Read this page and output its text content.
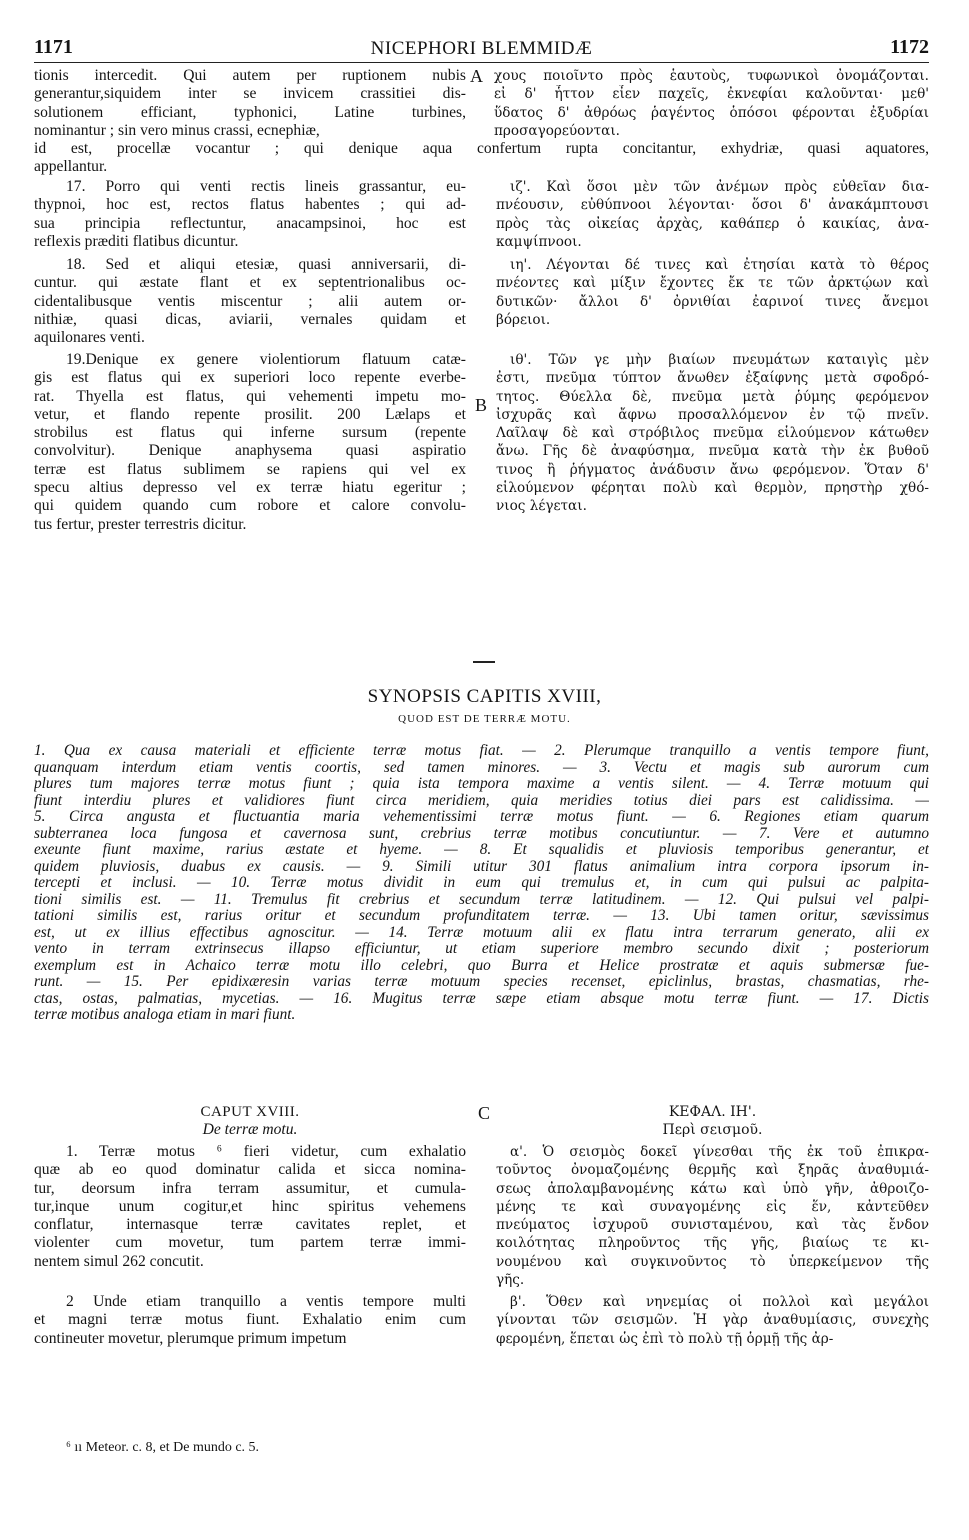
1171	NICEPHORI BLEMMIDÆ	1172
A
B
C
tionis intercedit. Qui autem per ruptionem nubis
generantur,siquidem inter se invicem crassitiei dis-
solutionem efficiant, typhonici, Latine turbines,
nominantur ; sin vero minus crassi, ecnephiæ,
χους ποιοῖντο πρὸς ἑαυτοὺς, τυφωνικοὶ ὀνομάζονται.
εἰ δ' ἧττον εἶεν παχεῖς, ἐκνεφίαι καλοῦνται· μεθ'
ὕδατος δ' ἀθρόως ῥαγέντος ὁπόσοι φέρονται ἐξυδρίαι
προσαγορεύονται.
id est, procellæ vocantur ; qui denique aqua confertum rupta concitantur, exhydriæ, quasi aquatores,
appellantur.
17. Porro qui venti rectis lineis grassantur, eu-
thypnoi, hoc est, rectos flatus habentes ; qui ad-
sua principia reflectuntur, anacampsinoi, hoc est
reflexis præditi flatibus dicuntur.
ιζ'. Καὶ ὅσοι μὲν τῶν ἀνέμων πρὸς εὐθεῖαν δια-
πνέουσιν, εὐθύπνοοι λέγονται· ὅσοι δ' ἀνακάμπτουσι
πρὸς τὰς οἰκείας ἀρχὰς, καθάπερ ὁ καικίας, ἀνα-
καμψίπνοοι.
18. Sed et aliqui etesiæ, quasi anniversarii, di-
cuntur. qui æstate flant et ex septentrionalibus oc-
cidentalibusque ventis miscentur ; alii autem or-
nithiæ, quasi dicas, aviarii, vernales quidam et
aquilonares venti.
ιη'. Λέγονται δέ τινες καὶ ἐτησίαι κατὰ τὸ θέρος
πνέοντες καὶ μίξιν ἔχοντες ἔκ τε τῶν ἀρκτῴων καὶ
δυτικῶν· ἄλλοι δ' ὀρνιθίαι ἐαρινοί τινες ἄνεμοι
βόρειοι.
19.Denique ex genere violentiorum flatuum catæ-
gis est flatus qui ex superiori loco repente everbe-
rat. Thyella est flatus, qui vehementi impetu mo-
vetur, et flando repente prosilit. 200 Lælaps et
strobilus est flatus qui inferne sursum (repente
convolvitur). Denique anaphysema quasi aspiratio
terræ est flatus sublimem se rapiens qui vel ex
specu altius depresso vel ex terræ hiatu egeritur ;
qui quidem quando cum robore et calore convolu-
tus fertur, prester terrestris dicitur.
ιθ'. Τῶν γε μὴν βιαίων πνευμάτων καταιγὶς μὲν
ἐστι, πνεῦμα τύπτον ἄνωθεν ἐξαίφνης μετὰ σφοδρό-
τητος. Θύελλα δὲ, πνεῦμα μετὰ ῥύμης φερόμενον
ἰσχυρᾶς καὶ ἄφνω προσαλλόμενον ἐν τῷ πνεῖν.
Λαῖλαψ δὲ καὶ στρόβιλος πνεῦμα εἱλούμενον κάτωθεν
ἄνω. Γῆς δὲ ἀναφύσημα, πνεῦμα κατὰ τὴν ἐκ βυθοῦ
τινος ἢ ῥήγματος ἀνάδυσιν ἄνω φερόμενον. Ὅταν δ'
εἱλούμενον φέρηται πολὺ καὶ θερμὸν, πρηστὴρ χθό-
νιος λέγεται.
SYNOPSIS CAPITIS XVIII,
QUOD EST DE TERRÆ MOTU.
1. Qua ex causa materiali et efficiente terræ motus fiat. — 2. Plerumque tranquillo a ventis tempore fiunt,
quanquam interdum etiam ventis coortis, sed tamen minores. — 3. Vectu et magis sub aurorum cum
plures tum majores terræ motus fiunt ; quia ista tempora maxime a ventis silent. — 4. Terræ motuum qui
fiunt interdiu plures et validiores fiunt circa meridiem, quia meridies totius diei pars est calidissima. —
5. Circa angusta et fluctuantia maria vehementissimi terræ motus fiunt. — 6. Regiones etiam quarum
subterranea loca fungosa et cavernosa sunt, crebrius terræ motibus concutiuntur. — 7. Vere et autumno
exeunte fiunt maxime, rarius æstate et hyeme. — 8. Et squalidis et pluviosis temporibus generantur, et
quidem pluviosis, duabus ex causis. — 9. Simili utitur 301 flatus animalium intra corpora ipsorum in-
tercepti et inclusi. — 10. Terræ motus dividit in eum qui tremulus et, in cum qui pulsui ac palpita-
tioni similis est. — 11. Tremulus fit crebrius et secundum terræ latitudinem. — 12. Qui pulsui vel palpi-
tationi similis est, rarius oritur et secundum profunditatem terræ. — 13. Ubi tamen oritur, sævissimus
est, ut ex illius effectibus agnoscitur. — 14. Terræ motuum alii ex flatu intra terrarum generato, alii ex
vento in terram extrinsecus illapso efficiuntur, ut etiam superiore membro secundo dixit ; posteriorum
exemplum est in Achaico terræ motu illo celebri, quo Burra et Helice prostratæ et aquis submersæ fue-
runt. — 15. Per epidixæresin varias terræ motuum species recenset, epiclinlus, brastas, chasmatias, rhe-
ctas, ostas, palmatias, mycetias. — 16. Mugitus terræ sæpe etiam absque motu terræ fiunt. — 17. Dictis
terræ motibus analoga etiam in mari fiunt.
CAPUT XVIII.
De terræ motu.
ΚΕΦΑΛ. ΙΗ'.
Περὶ σεισμοῦ.
1. Terræ motus ⁶ fieri videtur, cum exhalatio
quæ ab eo quod dominatur calida et sicca nomina-
tur, deorsum infra terram assumitur, et cumula-
tur,inque unum cogitur,et hinc spiritus vehemens
conflatur, internasque terræ cavitates replet, et
violenter cum movetur, tum partem terræ immi-
nentem simul 262 concutit.
2 Unde etiam tranquillo a ventis tempore multi
et magni terræ motus fiunt. Exhalatio enim cum
contineuter movetur, plerumque primum impetum
α'. Ὁ σεισμὸς δοκεῖ γίνεσθαι τῆς ἐκ τοῦ ἐπικρα-
τοῦντος ὀνομαζομένης θερμῆς καὶ ξηρᾶς ἀναθυμιά-
σεως ἀπολαμβανομένης κάτω καὶ ὑπὸ γῆν, ἀθροιζο-
μένης τε καὶ συναγομένης εἰς ἕν, κἀντεῦθεν
πνεύματος ἰσχυροῦ συνισταμένου, καὶ τὰς ἔνδον
κοιλότητας πληροῦντος τῆς γῆς, βιαίως τε κι-
νουμένου καὶ συγκινοῦντος τὸ ὑπερκείμενον τῆς
γῆς.
β'. Ὅθεν καὶ νηνεμίας οἱ πολλοὶ καὶ μεγάλοι
γίνονται τῶν σεισμῶν. Ἡ γὰρ ἀναθυμίασις, συνεχὴς
φερομένη, ἕπεται ὡς ἐπὶ τὸ πολὺ τῇ ὁρμῇ τῆς ἀρ-
⁶ ıı Meteor. c. 8, et De mundo c. 5.
